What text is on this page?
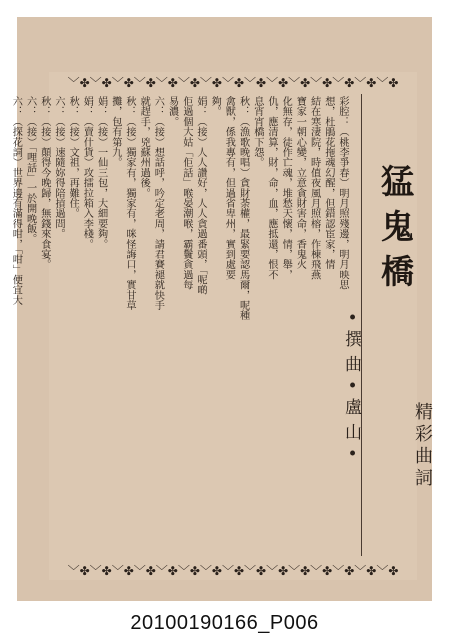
﹀✤﹀✤﹀✤﹀✤﹀✤﹀✤﹀✤﹀✤﹀✤﹀✤﹀✤﹀✤﹀✤﹀✤﹀✤
彩腔：（桃李爭春）明月照殘邊，明月映思
想，杜鵑花拖魂幻醒，但錯認宦家，情
結在寒淒院，時值夜風月照榕，作棟飛燕
寶家一朝心變，立意貪財害命，香鬼火
化無存，徒作亡魂，堆愁天懷，情，舉，
仇，應清算，財，命，血，應抵還，恨不
息宵宵橋下怨。
秋：（漁歌晚唱）貪財荼權，最緊要認馬爾，呢種
禽獸，係我專有，但過省卑州，實到處要
夠。
娟：（接）人人讚好，人人貪過番頭，「呢啲
佢過個大姑「佢話」喉晏潮喉，霸鬢貪過每
易濃。
六：（接）想話呼，吟定老周，請君賽褪就快手
就趕手，兇蘇州過後。
秋：（接）獨家有，獨家有，咪怪誨口，實甘草
攤，包有第九。
娟：（接）一仙三包，大細要夠。
娟：（賣什貨）攻擂拉箱入李棧。
秋：（接）文祖，再難住。
六：（接）速隨妳得陪摃過問。
秋：（接）顛得今晚歸，無錢來食宴。
六：（接）「哩話」一於開晚飯。
六：（探花詞）世界邊有滿得咁，「咁」便宜大	猛鬼橋
•撰曲•盧山•	精彩曲詞
﹀✤﹀✤﹀✤﹀✤﹀✤﹀✤﹀✤﹀✤﹀✤﹀✤﹀✤﹀✤﹀✤﹀✤﹀✤
20100190166_P006
